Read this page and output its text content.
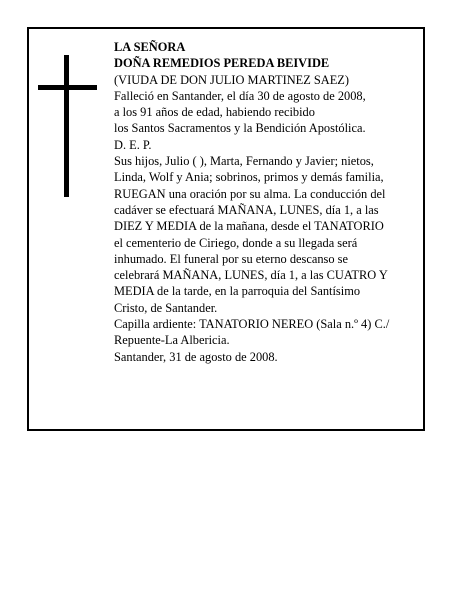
LA SEÑORA
DOÑA REMEDIOS PEREDA BEIVIDE
(VIUDA DE DON JULIO MARTINEZ SAEZ)
Falleció en Santander, el día 30 de agosto de 2008,
a los 91 años de edad, habiendo recibido
los Santos Sacramentos y la Bendición Apostólica.
D. E. P.
Sus hijos, Julio ( ), Marta, Fernando y Javier; nietos,
Linda, Wolf y Ania; sobrinos, primos y demás familia,
RUEGAN una oración por su alma. La conducción del
cadáver se efectuará MAÑANA, LUNES, día 1, a las
DIEZ Y MEDIA de la mañana, desde el TANATORIO
el cementerio de Ciriego, donde a su llegada será
inhumado. El funeral por su eterno descanso se
celebrará MAÑANA, LUNES, día 1, a las CUATRO Y
MEDIA de la tarde, en la parroquia del Santísimo
Cristo, de Santander.
Capilla ardiente: TANATORIO NEREO (Sala n.º 4) C./
Repuente-La Albericia.
Santander, 31 de agosto de 2008.
